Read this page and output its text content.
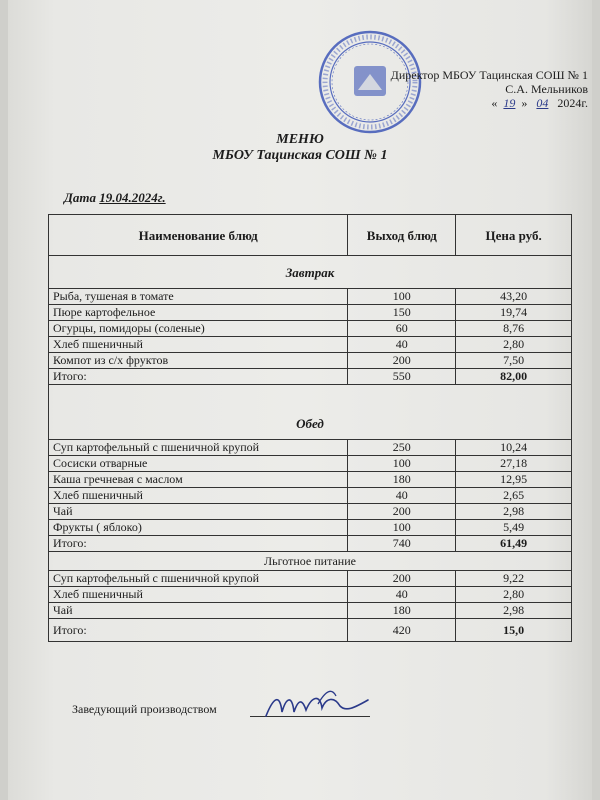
Директор МБОУ Тацинская СОШ № 1
С.А. Мельников
« 19 » 04 2024г.
МЕНЮ
МБОУ Тацинская СОШ № 1
Дата 19.04.2024г.
Наименование блюд	Выход блюд	Цена руб.
Завтрак		
Рыба, тушеная в томате	100	43,20
Пюре картофельное	150	19,74
Огурцы, помидоры (соленые)	60	8,76
Хлеб пшеничный	40	2,80
Компот из с/х фруктов	200	7,50
Итого:	550	82,00

Обед		
Суп картофельный с пшеничной крупой	250	10,24
Сосиски отварные	100	27,18
Каша гречневая с маслом	180	12,95
Хлеб пшеничный	40	2,65
Чай	200	2,98
Фрукты ( яблоко)	100	5,49
Итого:	740	61,49
Льготное питание		
Суп картофельный с пшеничной крупой	200	9,22
Хлеб пшеничный	40	2,80
Чай	180	2,98
Итого:	420	15,0
Заведующий производством
